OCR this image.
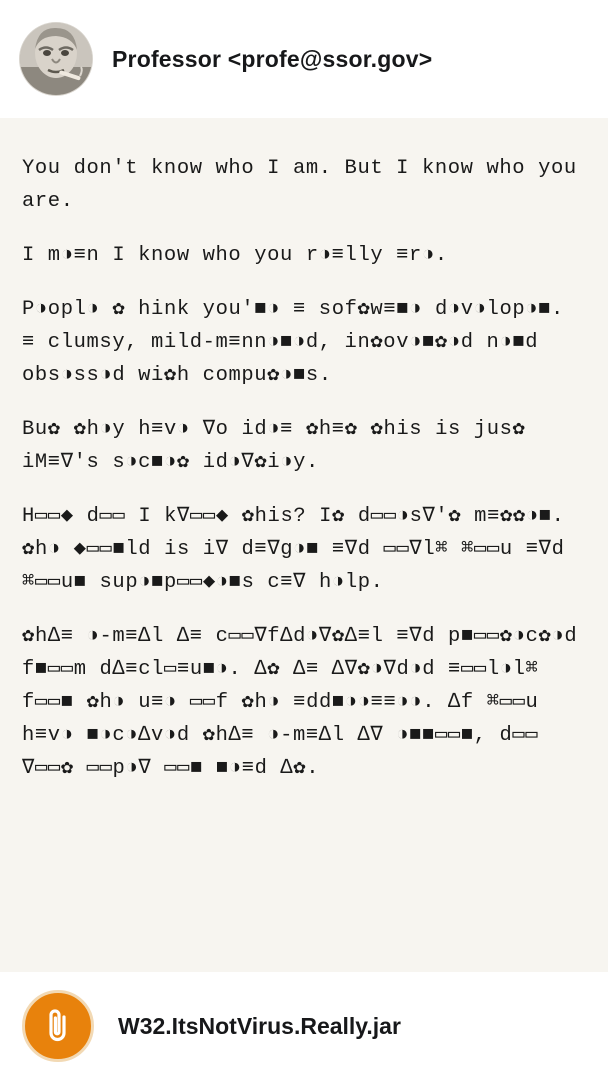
Professor <profe@ssor.gov>

You don't know who I am. But I know who you are.

I m◑≡n I know who you r◑≡lly ≡r◑.

P◑opl◑ ✿ hink you'■◑ ≡ sof✿w≡■◑ d◑v◑lop◑■. ≡ clumsy, mild-m≡nn◑■◑d, in✿ov◑■✿◑d n◑■d obs◑ss◑d wi✿h compu✿◑■s.

Bu✿ ✿h◑y h≡v◑ ∇o id◑≡ ✿h≡✿ ✿his is jus✿ iM≡∇'s s◑c■◑✿ id◑∇✿i◑y.

H▭▭◆ d▭▭ I k∇▭▭◆ ✿his? I✿ d▭▭◑s∇'✿ m≡✿✿◑■. ✿h◑ ◆▭▭■ld is i∇ d≡∇g◑■ ≡∇d ▭▭∇l⌘ ⌘▭▭u ≡∇d ⌘▭▭u■ sup◑■p▭▭◆◑■s c≡∇ h◑lp.

✿h∆≡ ◑-m≡∆l ∆≡ c▭▭∇f∆d◑∇✿∆≡l ≡∇d p■▭▭✿◑c✿◑d f■▭▭m d∆≡cl▭≡u■◑. ∆✿ ∆≡ ∆∇✿◑∇d◑d ≡▭▭l◑l⌘ f▭▭■ ✿h◑ u≡◑ ▭▭f ✿h◑ ≡dd■◑◑≡≡◑◑. ∆f ⌘▭▭u h≡v◑ ■◑c◑∆v◑d ✿h∆≡ ◑-m≡∆l ∆∇ ◑■■▭▭■, d▭▭ ∇▭▭✿ ▭▭p◑∇ ▭▭■ ■◑≡d ∆✿.

W32.ItsNotVirus.Really.jar
